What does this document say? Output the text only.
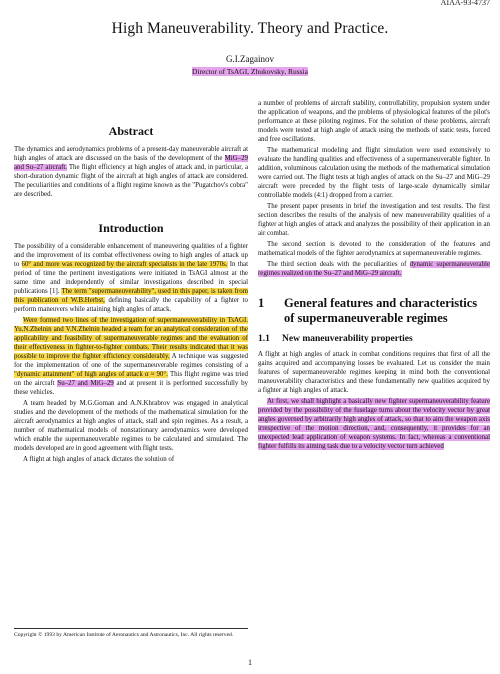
AIAA-93-4737
High Maneuverability. Theory and Practice.
G.I.Zagainov
Director of TsAGI, Zhukovsky, Russia
Abstract

The dynamics and aerodynamics problems of a present-day maneuverable aircraft at high angles of attack are discussed on the basis of the development of the MiG–29 and Su–27 aircraft. The flight efficiency at high angles of attack and, in particular, a short-duration dynamic flight of the aircraft at high angles of attack are considered. The peculiarities and conditions of a flight regime known as the "Pugatchov's cobra" are described.

Introduction

The possibility of a considerable enhancement of maneuvering qualities of a fighter and the improvement of its combat effectiveness owing to high angles of attack up to 60° and more was recognized by the aircraft specialists in the late 1970s. In that period of time the pertinent investigations were initiated in TsAGI almost at the same time and independently of similar investigations described in special publications [1]. The term "supermaneuverability", used in this paper, is taken from this publication of W.B.Herbst, defining basically the capability of a fighter to perform maneuvers while attaining high angles of attack.

Were formed two lines of the investigation of supermaneuverability in TsAGI. Yu.N.Zhelnin and V.N.Zhelnin headed a team for an analytical consideration of the applicability and feasibility of supermaneuverable regimes and the evaluation of their effectiveness in fighter-to-fighter combats. Their results indicated that it was possible to improve the fighter efficiency considerably. A technique was suggested for the implementation of one of the supermaneuverable regimes consisting of a "dynamic attainment" of high angles of attack α ≈ 90°. This flight regime was tried on the aircraft Su–27 and MiG–29 and at present it is performed successfully by these vehicles.

A team headed by M.G.Goman and A.N.Khrabrov was engaged in analytical studies and the development of the methods of the mathematical simulation for the aircraft aerodynamics at high angles of attack, stall and spin regimes. As a result, a number of mathematical models of nonstationary aerodynamics were developed which enable the supermaneuverable regimes to be calculated and simulated. The models developed are in good agreement with flight tests.

A flight at high angles of attack dictates the solution of

a number of problems of aircraft stability, controllability, propulsion system under the application of weapons, and the problems of physiological features of the pilot's performance at these piloting regimes. For the solution of these problems, aircraft models were tested at high angle of attack using the methods of static tests, forced and free oscillations.

The mathematical modeling and flight simulation were used extensively to evaluate the handling qualities and effectiveness of a supermaneuverable fighter. In addition, voluminous calculation using the methods of the mathematical simulation were carried out. The flight tests at high angles of attack on the Su–27 and MiG–29 aircraft were preceded by the flight tests of large-scale dynamically similar controllable models (4:1) dropped from a carrier.

The present paper presents in brief the investigation and test results. The first section describes the results of the analysis of new maneuverability qualities of a fighter at high angles of attack and analyzes the possibility of their application in an air combat.

The second section is devoted to the consideration of the features and mathematical models of the fighter aerodynamics at supermaneuverable regimes.

The third section deals with the peculiarities of dynamic supermaneuverable regimes realized on the Su–27 and MiG–29 aircraft.

1	General features and characteristics of supermaneuverable regimes
1.1	New maneuverability properties

A flight at high angles of attack in combat conditions requires that first of all the gains acquired and accompanying losses be evaluated. Let us consider the main features of supermaneuverable regimes keeping in mind both the conventional maneuverability characteristics and these fundamentally new qualities acquired by a fighter at high angles of attack.

At first, we shall highlight a basically new fighter supermaneuverability feature provided by the possibility of the fuselage turns about the velocity vector by great angles governed by arbitrarily high angles of attack, so that to aim the weapon axis irrespective of the motion direction, and, consequently, it provides for an unexpected lead application of weapon systems. In fact, whereas a conventional fighter fulfills its aiming task due to a velocity vector turn achieved

Copyright © 1993 by American Institute of Aeronautics and Astronautics, Inc. All rights reserved.
1
